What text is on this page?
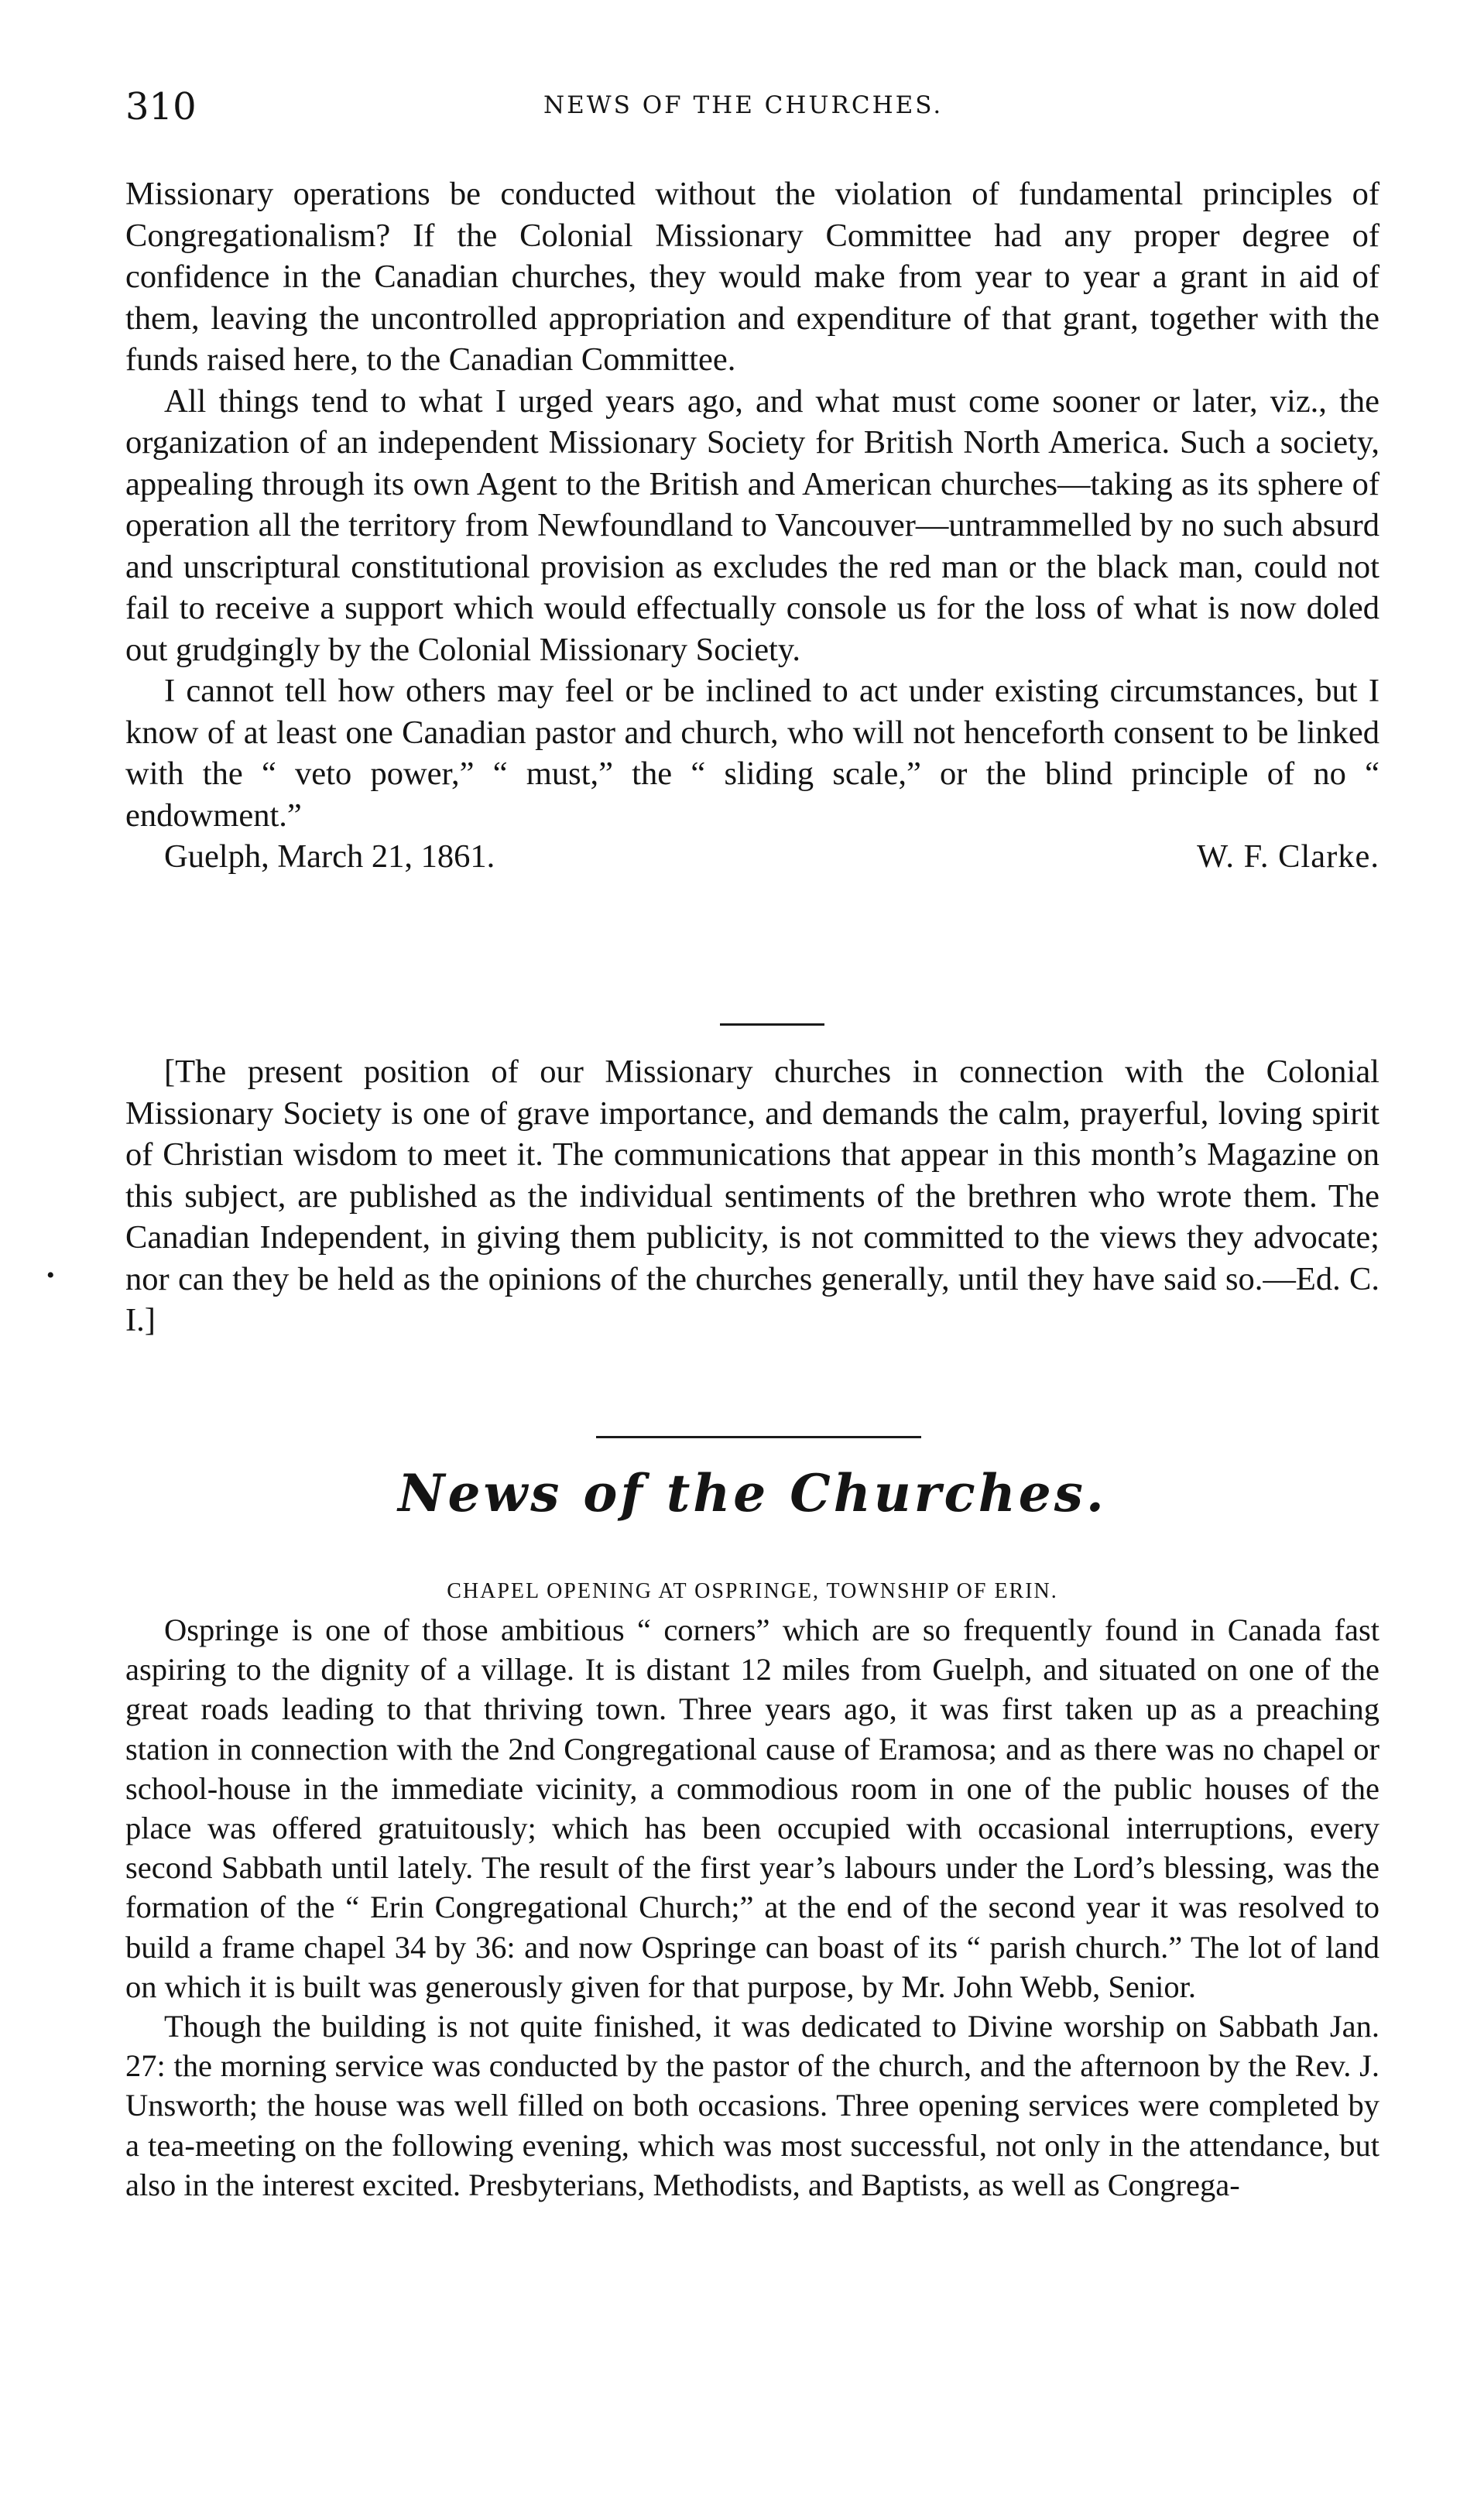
310	NEWS OF THE CHURCHES.

Missionary operations be conducted without the violation of fundamental principles of Congregationalism? If the Colonial Missionary Committee had any proper degree of confidence in the Canadian churches, they would make from year to year a grant in aid of them, leaving the uncontrolled appropriation and expenditure of that grant, together with the funds raised here, to the Canadian Committee.

All things tend to what I urged years ago, and what must come sooner or later, viz., the organization of an independent Missionary Society for British North America. Such a society, appealing through its own Agent to the British and American churches—taking as its sphere of operation all the territory from Newfoundland to Vancouver—untrammelled by no such absurd and unscriptural constitutional provision as excludes the red man or the black man, could not fail to receive a support which would effectually console us for the loss of what is now doled out grudgingly by the Colonial Missionary Society.

I cannot tell how others may feel or be inclined to act under existing circumstances, but I know of at least one Canadian pastor and church, who will not henceforth consent to be linked with the “ veto power,” “ must,” the “ sliding scale,” or the blind principle of no “ endowment.”

Guelph, March 21, 1861.	W. F. Clarke.

[The present position of our Missionary churches in connection with the Colonial Missionary Society is one of grave importance, and demands the calm, prayerful, loving spirit of Christian wisdom to meet it. The communications that appear in this month’s Magazine on this subject, are published as the individual sentiments of the brethren who wrote them. The Canadian Independent, in giving them publicity, is not committed to the views they advocate; nor can they be held as the opinions of the churches generally, until they have said so.—Ed. C. I.]

•
News of the Churches.
CHAPEL OPENING AT OSPRINGE, TOWNSHIP OF ERIN.

Ospringe is one of those ambitious “ corners” which are so frequently found in Canada fast aspiring to the dignity of a village. It is distant 12 miles from Guelph, and situated on one of the great roads leading to that thriving town. Three years ago, it was first taken up as a preaching station in connection with the 2nd Congregational cause of Eramosa; and as there was no chapel or school-house in the immediate vicinity, a commodious room in one of the public houses of the place was offered gratuitously; which has been occupied with occasional interruptions, every second Sabbath until lately. The result of the first year’s labours under the Lord’s blessing, was the formation of the “ Erin Congregational Church;” at the end of the second year it was resolved to build a frame chapel 34 by 36: and now Ospringe can boast of its “ parish church.” The lot of land on which it is built was generously given for that purpose, by Mr. John Webb, Senior.

Though the building is not quite finished, it was dedicated to Divine worship on Sabbath Jan. 27: the morning service was conducted by the pastor of the church, and the afternoon by the Rev. J. Unsworth; the house was well filled on both occasions. Three opening services were completed by a tea-meeting on the following evening, which was most successful, not only in the attendance, but also in the interest excited. Presbyterians, Methodists, and Baptists, as well as Congrega-
